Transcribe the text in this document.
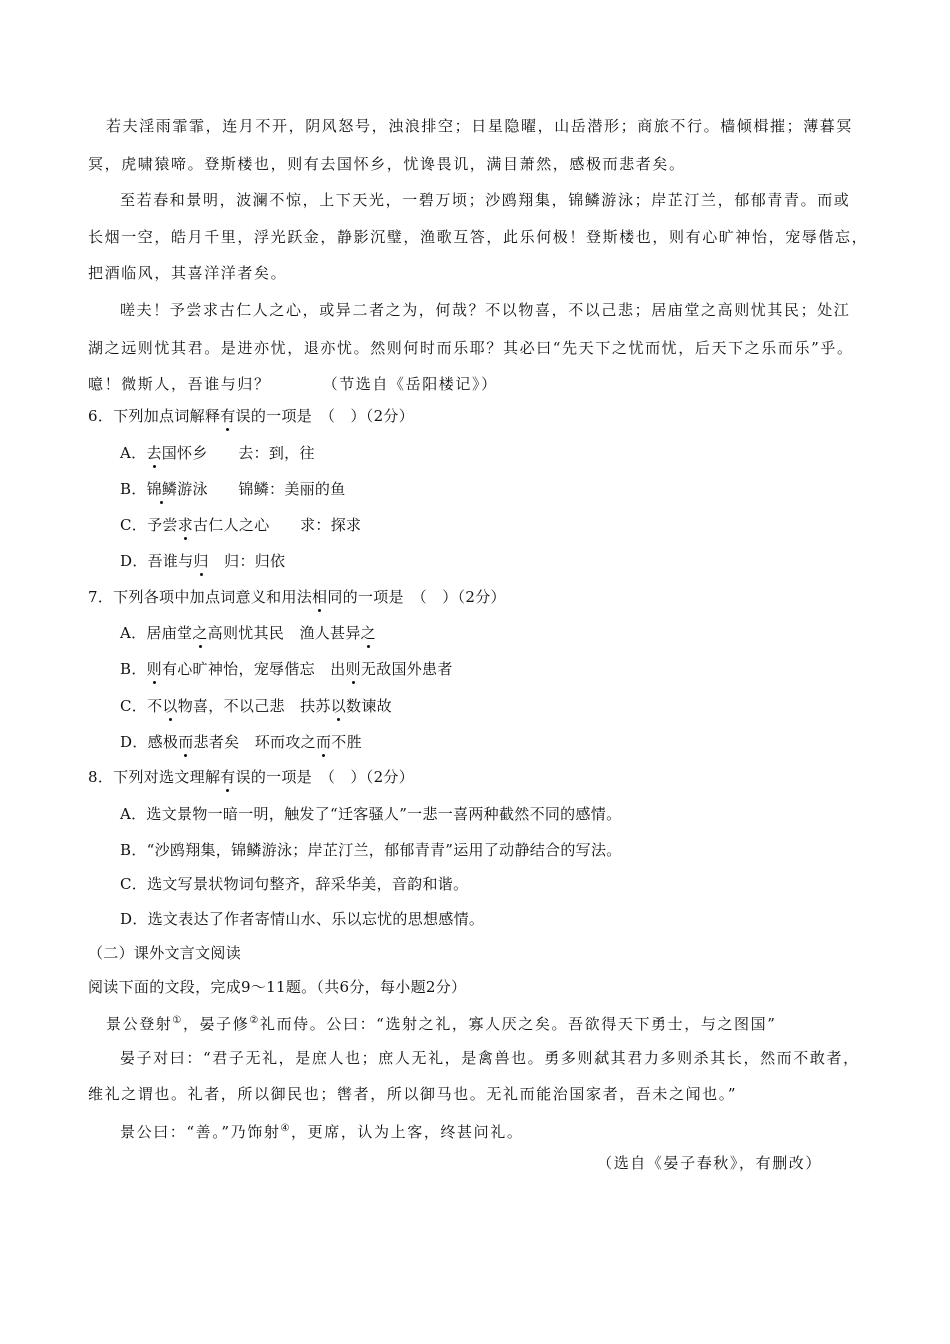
若夫淫雨霏霏，连月不开，阴风怒号，浊浪排空；日星隐曜，山岳潜形；商旅不行。樯倾楫摧；薄暮冥
冥，虎啸猿啼。登斯楼也，则有去国怀乡，忧谗畏讥，满目萧然，感极而悲者矣。
至若春和景明，波澜不惊，上下天光，一碧万顷；沙鸥翔集，锦鳞游泳；岸芷汀兰，郁郁青青。而或
长烟一空，皓月千里，浮光跃金，静影沉璧，渔歌互答，此乐何极！登斯楼也，则有心旷神怡，宠辱偕忘，
把酒临风，其喜洋洋者矣。
嗟夫！予尝求古仁人之心，或异二者之为，何哉？不以物喜，不以己悲；居庙堂之高则忧其民；处江
湖之远则忧其君。是进亦忧，退亦忧。然则何时而乐耶？其必曰“先天下之忧而忧，后天下之乐而乐”乎。
噫！微斯人，吾谁与归？	（节选自《岳阳楼记》）
6．下列加点词解释有误的一项是　（　）（2分）
A．去国怀乡　　去：到，往
B．锦鳞游泳　　锦鳞：美丽的鱼
C．予尝求古仁人之心　　求：探求
D．吾谁与归　归：归依
7．下列各项中加点词意义和用法相同的一项是　（　）（2分）
A．居庙堂之高则忧其民　渔人甚异之
B．则有心旷神怡，宠辱偕忘　出则无敌国外患者
C．不以物喜，不以己悲　扶苏以数谏故
D．感极而悲者矣　环而攻之而不胜
8．下列对选文理解有误的一项是　（　）（2分）
A．选文景物一暗一明，触发了“迁客骚人”一悲一喜两种截然不同的感情。
B．“沙鸥翔集，锦鳞游泳；岸芷汀兰，郁郁青青”运用了动静结合的写法。
C．选文写景状物词句整齐，辞采华美，音韵和谐。
D．选文表达了作者寄情山水、乐以忘忧的思想感情。
（二）课外文言文阅读
阅读下面的文段，完成9～11题。（共6分，每小题2分）
景公登射①，晏子修②礼而侍。公曰：“选射之礼，寡人厌之矣。吾欲得天下勇士，与之图国”
晏子对曰：“君子无礼，是庶人也；庶人无礼，是禽兽也。勇多则弑其君力多则杀其长，然而不敢者，
维礼之谓也。礼者，所以御民也；辔者，所以御马也。无礼而能治国家者，吾未之闻也。”
景公曰：“善。”乃饰射④，更席，认为上客，终甚问礼。
（选自《晏子春秋》，有删改）
